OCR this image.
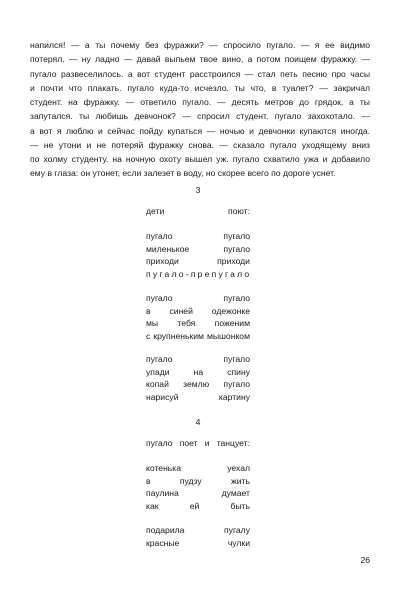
напился! — а ты почему без фуражки? — спросило пугало. — я ее видимо
потерял. — ну ладно — давай выпьем твое вино, а потом поищем фуражку. —
пугало развеселилось. а вот студент расстроился — стал петь песню про часы
и почти что плакать. пугало куда-то исчезло. ты что, в туалет? — закричал
студент. на фуражку. — ответило пугало. — десять метров до грядок, а ты
запутался. ты любишь девчонок? — спросил студент. пугало захохотало. —
а вот я люблю и сейчас пойду купаться — ночью и девчонки купаются иногда.
— не утони и не потеряй фуражку снова. — сказало пугало уходящему вниз
по холму студенту. на ночную охоту вышел уж. пугало схватило ужа и добавило
ему в глаза: он утонет, если залезет в воду, но скорее всего по дороге уснет.
3
дети поют:
пугало пугало
миленькое пугало
приходи приходи
пугало-препугало
пугало пугало
в синей одежонке
мы тебя поженим
с крупненьким мышонком
пугало пугало
упади на спину
копай землю пугало
нарисуй картину
4
пугало поет и танцует:
котенька уехал
в пудзу жить
паулина думает
как ей быть
подарила пугалу
красные чулки
26
